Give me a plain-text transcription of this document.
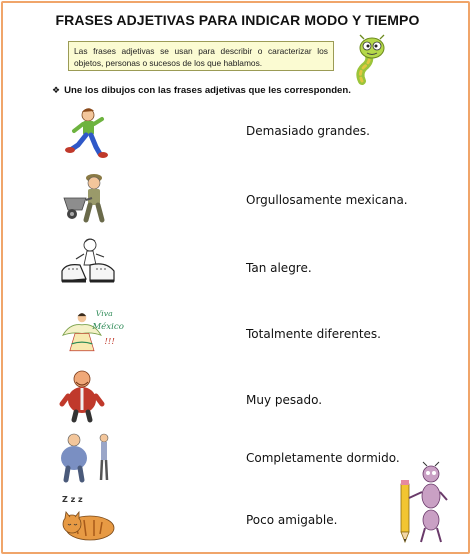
FRASES ADJETIVAS PARA INDICAR MODO Y TIEMPO
Las frases adjetivas se usan para describir o caracterizar los objetos, personas o sucesos de los que hablamos.
❖ Une los dibujos con las frases adjetivas que les corresponden.
Demasiado grandes.
Orgullosamente mexicana.
Tan alegre.
Viva
México
!!!
Totalmente diferentes.
Muy pesado.
Completamente dormido.
Z z z
Poco amigable.
